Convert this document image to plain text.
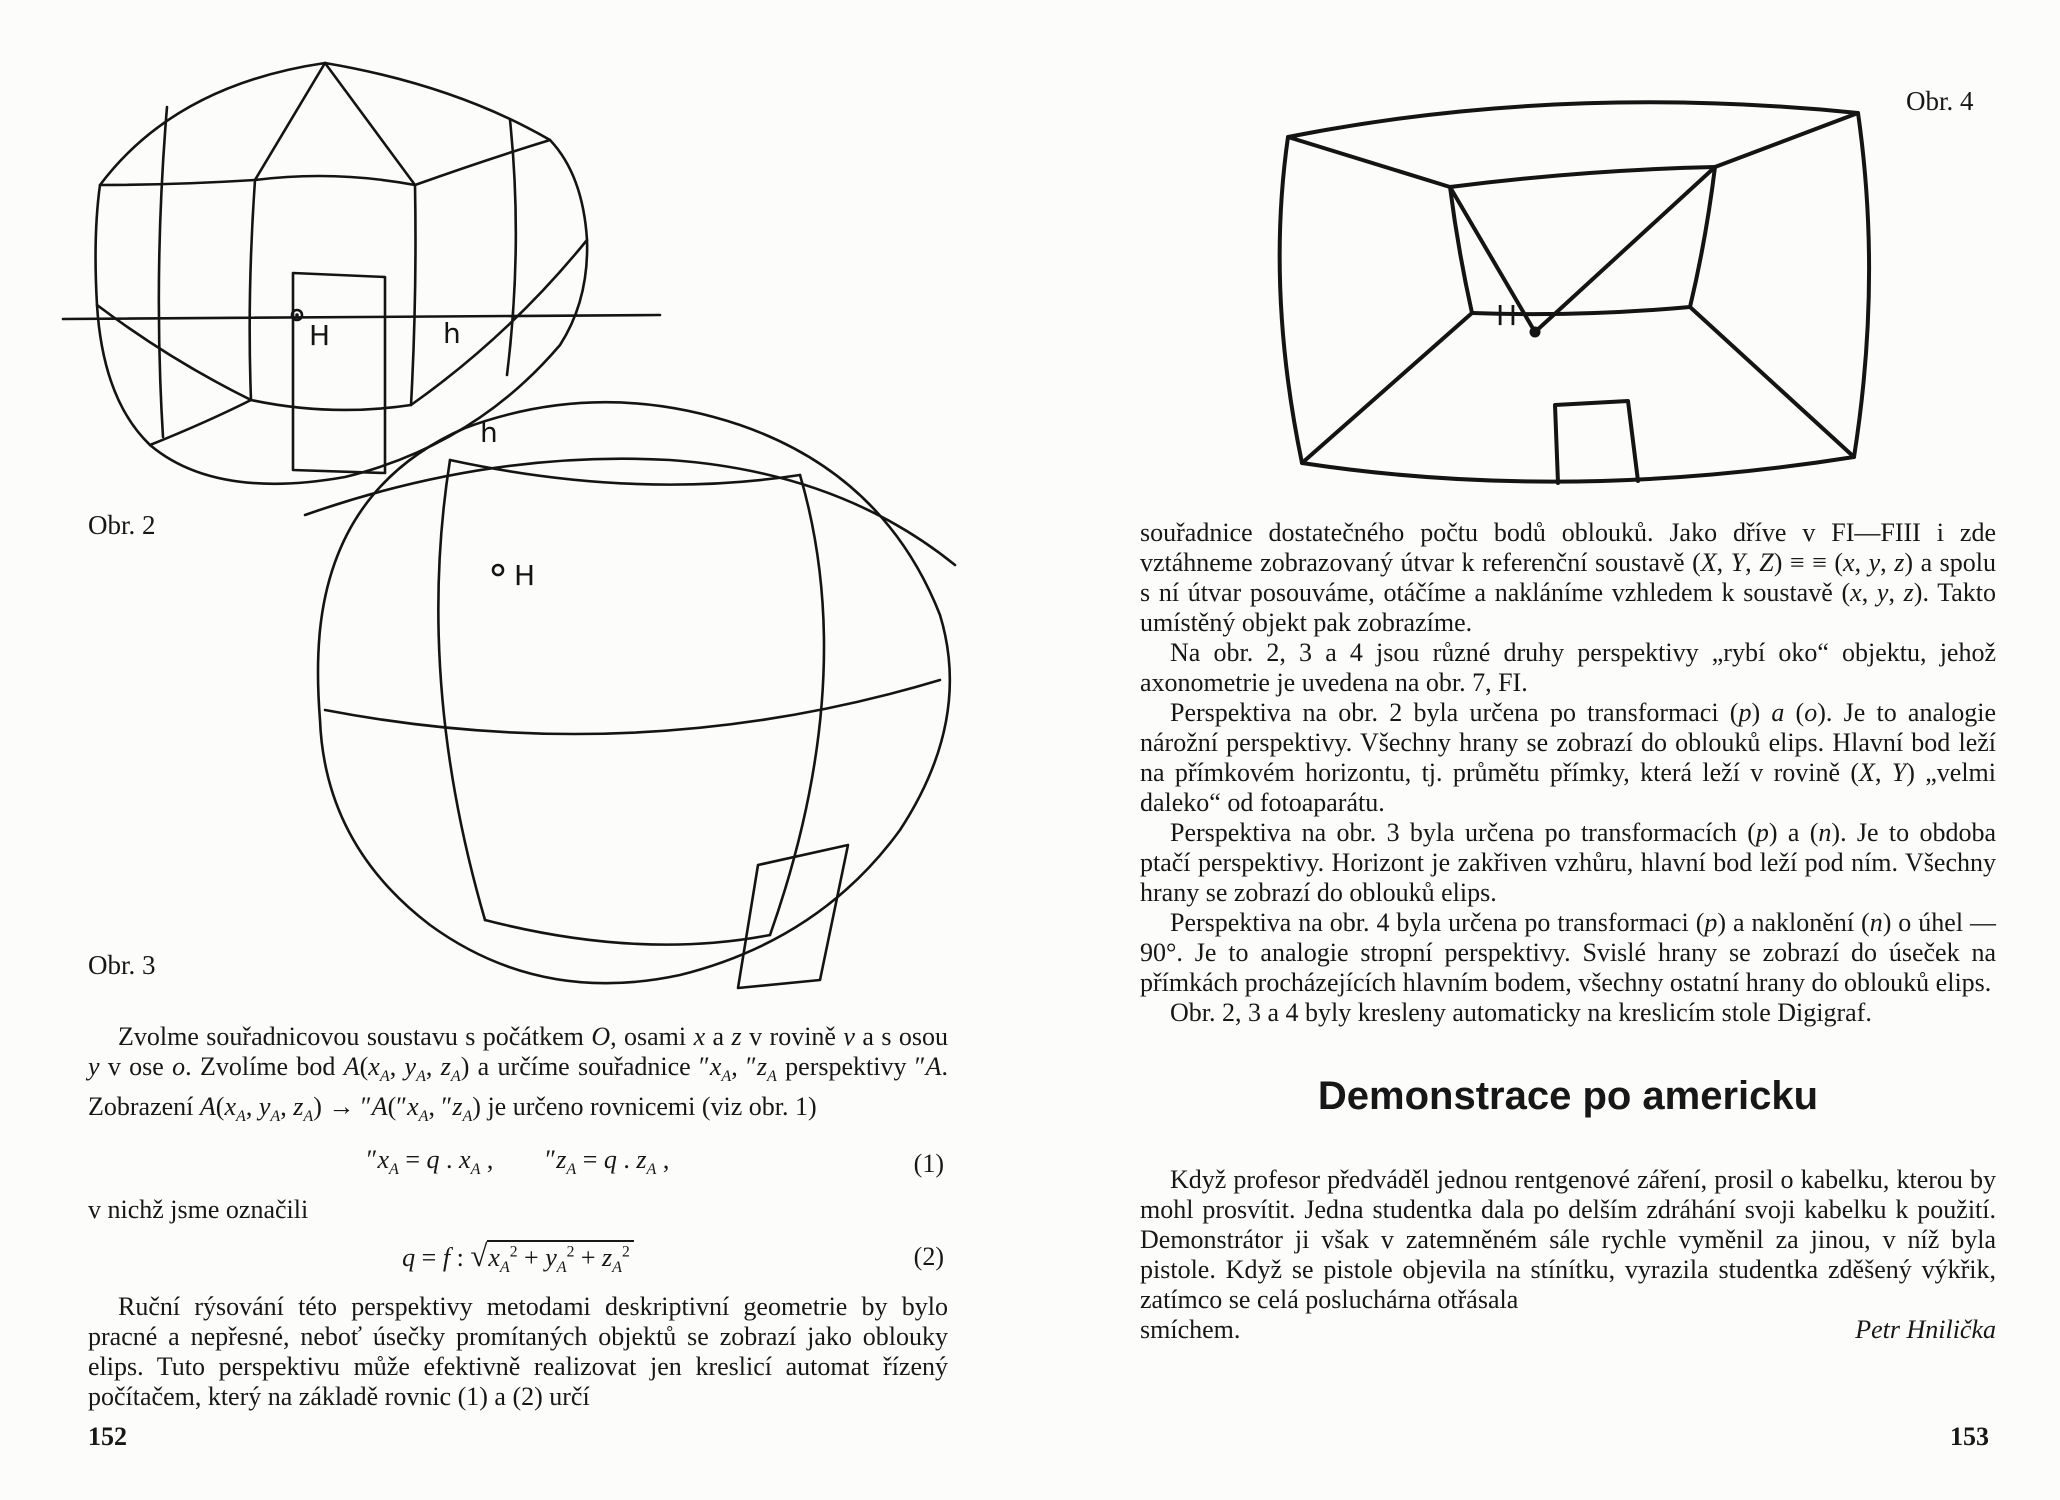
H	h
Obr. 2
H
h
Obr. 3

Zvolme souřadnicovou soustavu s počátkem O, osami x a z v rovině ν a s osou y v ose o. Zvolíme bod $A(x_A$, $y_A$, $z_A$) a určíme souřadnice $''x_A$, $''z_A$ perspektivy ″A. Zobrazení $A(x_A$, $y_A$, $z_A) \to ''A(''x_A$, $''z_A$) je určeno rovnicemi (viz obr. 1)

$''x_A = q$ . $x_A$ ,  $''z_A = q$ . $z_A$ ,	(1)

v nichž jsme označili

q = f : $√x_A^2 + y_A^2 + z_A^2$	(2)

Ruční rýsování této perspektivy metodami deskriptivní geometrie by bylo pracné a nepřesné, neboť úsečky promítaných objektů se zobrazí jako oblouky elips. Tuto perspektivu může efektivně realizovat jen kreslicí automat řízený počítačem, který na základě rovnic (1) a (2) určí

152
Obr. 4
H

souřadnice dostatečného počtu bodů oblouků. Jako dříve v FI—FIII i zde vztáhneme zobrazovaný útvar k referenční soustavě (X, Y, Z) ≡ ≡ (x, y, z) a spolu s ní útvar posouváme, otáčíme a nakláníme vzhledem k soustavě (x, y, z). Takto umístěný objekt pak zobrazíme.

Na obr. 2, 3 a 4 jsou různé druhy perspektivy „rybí oko“ objektu, jehož axonometrie je uvedena na obr. 7, FI.

Perspektiva na obr. 2 byla určena po transformaci (p) a (o). Je to analogie nárožní perspektivy. Všechny hrany se zobrazí do oblouků elips. Hlavní bod leží na přímkovém horizontu, tj. průmětu přímky, která leží v rovině (X, Y) „velmi daleko“ od fotoaparátu.

Perspektiva na obr. 3 byla určena po transformacích (p) a (n). Je to obdoba ptačí perspektivy. Horizont je zakřiven vzhůru, hlavní bod leží pod ním. Všechny hrany se zobrazí do oblouků elips.

Perspektiva na obr. 4 byla určena po transformaci (p) a naklonění (n) o úhel —90°. Je to analogie stropní perspektivy. Svislé hrany se zobrazí do úseček na přímkách procházejících hlavním bodem, všechny ostatní hrany do oblouků elips.

Obr. 2, 3 a 4 byly kresleny automaticky na kreslicím stole Digigraf.

Demonstrace po americku

Když profesor předváděl jednou rentgenové záření, prosil o kabelku, kterou by mohl prosvítit. Jedna studentka dala po delším zdráhání svoji kabelku k použití. Demonstrátor ji však v zatemněném sále rychle vyměnil za jinou, v níž byla pistole. Když se pistole objevila na stínítku, vyrazila studentka zděšený výkřik, zatímco se celá posluchárna otřásala

smíchem.	Petr Hnilička
153
